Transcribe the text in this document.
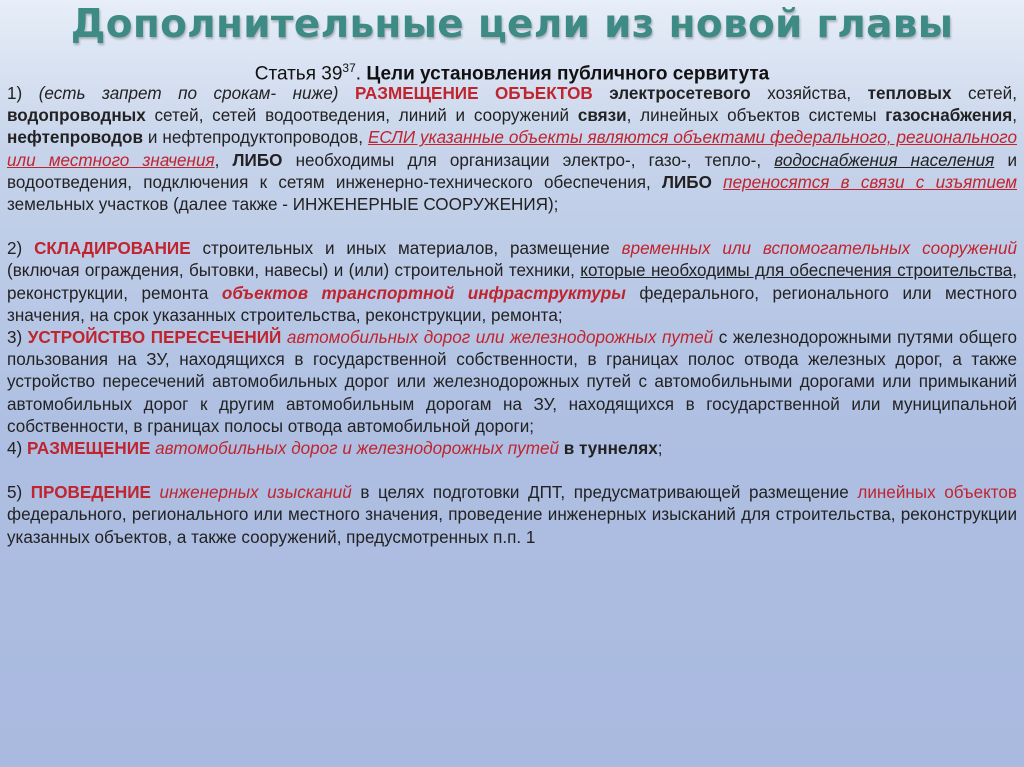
Дополнительные цели из новой главы
Статья $39^{37}$. Цели установления публичного сервитута

1) (есть запрет по срокам- ниже) РАЗМЕЩЕНИЕ ОБЪЕКТОВ электросетевого хозяйства, тепловых сетей, водопроводных сетей, сетей водоотведения, линий и сооружений связи, линейных объектов системы газоснабжения, нефтепроводов и нефтепродуктопроводов, ЕСЛИ указанные объекты являются объектами федерального, регионального или местного значения, ЛИБО необходимы для организации электро-, газо-, тепло-, водоснабжения населения и водоотведения, подключения к сетям инженерно-технического обеспечения, ЛИБО переносятся в связи с изъятием земельных участков (далее также - ИНЖЕНЕРНЫЕ СООРУЖЕНИЯ);

2) СКЛАДИРОВАНИЕ строительных и иных материалов, размещение временных или вспомогательных сооружений (включая ограждения, бытовки, навесы) и (или) строительной техники, которые необходимы для обеспечения строительства, реконструкции, ремонта объектов транспортной инфраструктуры федерального, регионального или местного значения, на срок указанных строительства, реконструкции, ремонта;

3) УСТРОЙСТВО ПЕРЕСЕЧЕНИЙ автомобильных дорог или железнодорожных путей с железнодорожными путями общего пользования на ЗУ, находящихся в государственной собственности, в границах полос отвода железных дорог, а также устройство пересечений автомобильных дорог или железнодорожных путей с автомобильными дорогами или примыканий автомобильных дорог к другим автомобильным дорогам на ЗУ, находящихся в государственной или муниципальной собственности, в границах полосы отвода автомобильной дороги;

4) РАЗМЕЩЕНИЕ автомобильных дорог и железнодорожных путей в туннелях;

5) ПРОВЕДЕНИЕ инженерных изысканий в целях подготовки ДПТ, предусматривающей размещение линейных объектов федерального, регионального или местного значения, проведение инженерных изысканий для строительства, реконструкции указанных объектов, а также сооружений, предусмотренных п.п. 1
